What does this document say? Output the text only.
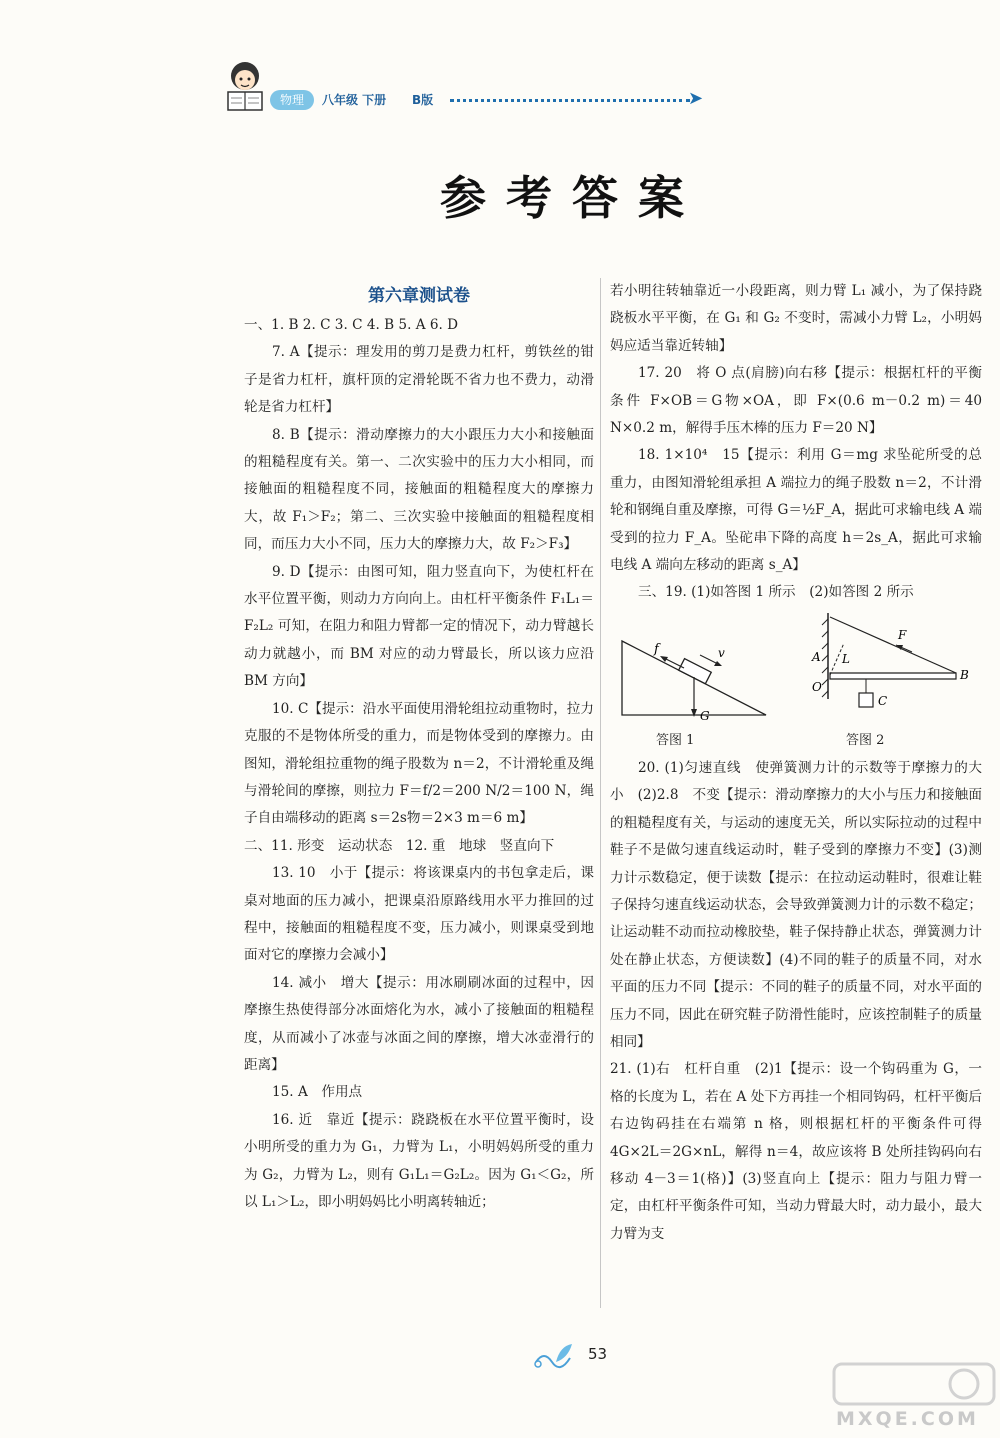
物理	八年级 下册 B版	➤
参考答案
第六章测试卷

一、1. B 2. C 3. C 4. B 5. A 6. D

7. A【提示：理发用的剪刀是费力杠杆，剪铁丝的钳子是省力杠杆，旗杆顶的定滑轮既不省力也不费力，动滑轮是省力杠杆】

8. B【提示：滑动摩擦力的大小跟压力大小和接触面的粗糙程度有关。第一、二次实验中的压力大小相同，而接触面的粗糙程度不同，接触面的粗糙程度大的摩擦力大，故 F₁＞F₂；第二、三次实验中接触面的粗糙程度相同，而压力大小不同，压力大的摩擦力大，故 F₂＞F₃】

9. D【提示：由图可知，阻力竖直向下，为使杠杆在水平位置平衡，则动力方向向上。由杠杆平衡条件 F₁L₁＝F₂L₂ 可知，在阻力和阻力臂都一定的情况下，动力臂越长动力就越小，而 BM 对应的动力臂最长，所以该力应沿 BM 方向】

10. C【提示：沿水平面使用滑轮组拉动重物时，拉力克服的不是物体所受的重力，而是物体受到的摩擦力。由图知，滑轮组拉重物的绳子股数为 n＝2，不计滑轮重及绳与滑轮间的摩擦，则拉力 F＝f/2＝200 N/2＝100 N，绳子自由端移动的距离 s＝2s物＝2×3 m＝6 m】

二、11. 形变　运动状态　12. 重　地球　竖直向下

13. 10　小于【提示：将该课桌内的书包拿走后，课桌对地面的压力减小，把课桌沿原路线用水平力推回的过程中，接触面的粗糙程度不变，压力减小，则课桌受到地面对它的摩擦力会减小】

14. 减小　增大【提示：用冰刷刷冰面的过程中，因摩擦生热使得部分冰面熔化为水，减小了接触面的粗糙程度，从而减小了冰壶与冰面之间的摩擦，增大冰壶滑行的距离】

15. A　作用点

16. 近　靠近【提示：跷跷板在水平位置平衡时，设小明所受的重力为 G₁，力臂为 L₁，小明妈妈所受的重力为 G₂，力臂为 L₂，则有 G₁L₁＝G₂L₂。因为 G₁＜G₂，所以 L₁＞L₂，即小明妈妈比小明离转轴近；

若小明往转轴靠近一小段距离，则力臂 L₁ 减小，为了保持跷跷板水平平衡，在 G₁ 和 G₂ 不变时，需减小力臂 L₂，小明妈妈应适当靠近转轴】

17. 20　将 O 点(肩膀)向右移【提示：根据杠杆的平衡条件 F×OB＝G物×OA，即 F×(0.6 m－0.2 m)＝40 N×0.2 m，解得手压木棒的压力 F＝20 N】

18. 1×10⁴　15【提示：利用 G＝mg 求坠砣所受的总重力，由图知滑轮组承担 A 端拉力的绳子股数 n＝2，不计滑轮和钢绳自重及摩擦，可得 G＝½F_A，据此可求输电线 A 端受到的拉力 F_A。坠砣串下降的高度 h＝2s_A，据此可求输电线 A 端向左移动的距离 s_A】

三、19. (1)如答图 1 所示　(2)如答图 2 所示

f	v
G
答图 1
A
O
L
F
B
C
答图 2

20. (1)匀速直线　使弹簧测力计的示数等于摩擦力的大小　(2)2.8　不变【提示：滑动摩擦力的大小与压力和接触面的粗糙程度有关，与运动的速度无关，所以实际拉动的过程中鞋子不是做匀速直线运动时，鞋子受到的摩擦力不变】(3)测力计示数稳定，便于读数【提示：在拉动运动鞋时，很难让鞋子保持匀速直线运动状态，会导致弹簧测力计的示数不稳定；让运动鞋不动而拉动橡胶垫，鞋子保持静止状态，弹簧测力计处在静止状态，方便读数】(4)不同的鞋子的质量不同，对水平面的压力不同【提示：不同的鞋子的质量不同，对水平面的压力不同，因此在研究鞋子防滑性能时，应该控制鞋子的质量相同】

21. (1)右　杠杆自重　(2)1【提示：设一个钩码重为 G，一格的长度为 L，若在 A 处下方再挂一个相同钩码，杠杆平衡后右边钩码挂在右端第 n 格，则根据杠杆的平衡条件可得 4G×2L＝2G×nL，解得 n＝4，故应该将 B 处所挂钩码向右移动 4－3＝1(格)】(3)竖直向上【提示：阻力与阻力臂一定，由杠杆平衡条件可知，当动力臂最大时，动力最小，最大力臂为支

53
MXQE.COM
